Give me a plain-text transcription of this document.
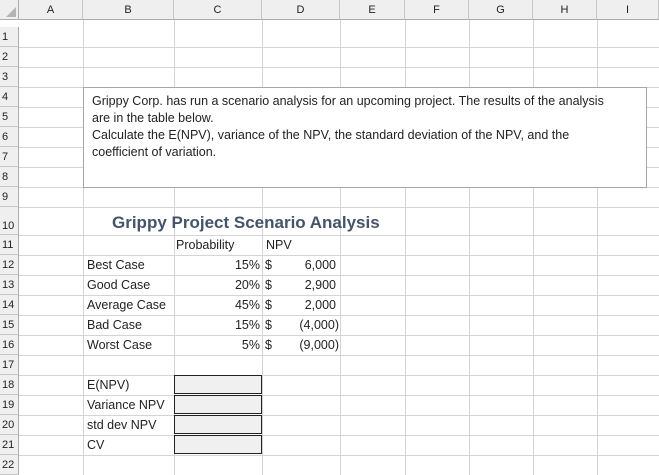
A	B	C	D	E	F	G	H	I
1
2
3
4
5
6
7
8
9
10
11
12
13
14
15
16
17
18
19
20
21
22
Grippy Corp. has run a scenario analysis for an upcoming project. The results of the analysis
are in the table below.
Calculate the E(NPV), variance of the NPV, the standard deviation of the NPV, and the
coefficient of variation.
Grippy Project Scenario Analysis
Probability	NPV
Best Case	15% $	6,000
Good Case	20% $	2,900
Average Case	45% $	2,000
Bad Case	15% $	(4,000)
Worst Case	5% $	(9,000)
E(NPV)
Variance NPV
std dev NPV
CV
